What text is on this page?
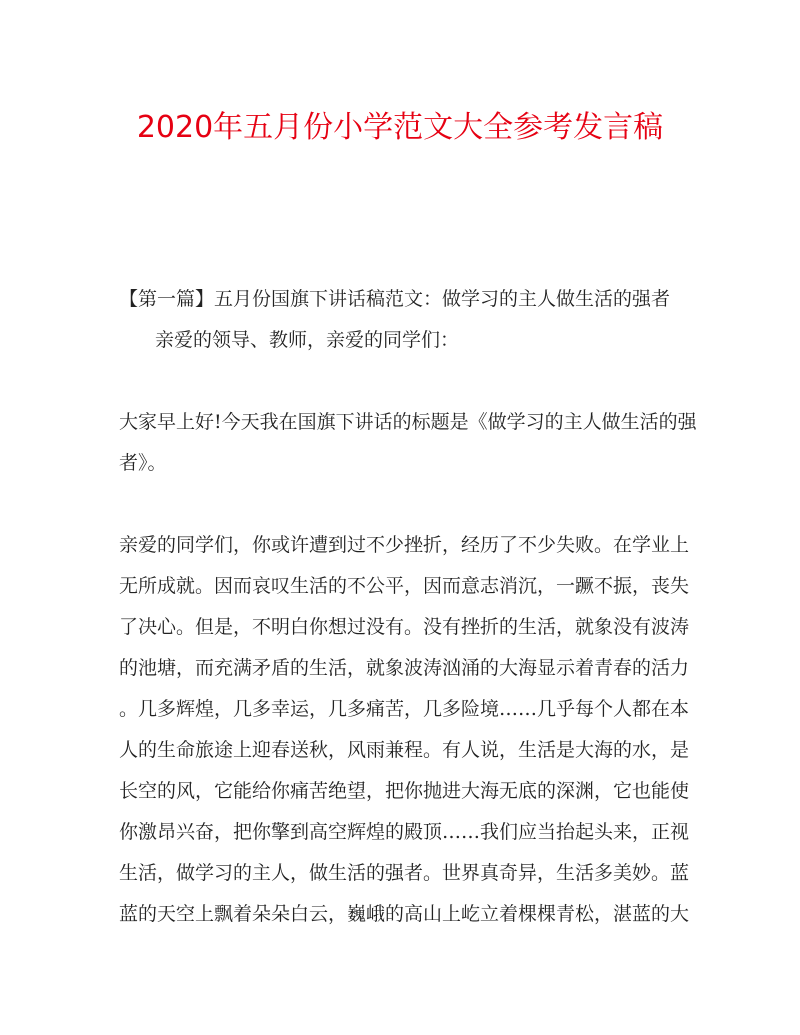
2020年五月份小学范文大全参考发言稿
【第一篇】五月份国旗下讲话稿范文：做学习的主人做生活的强者
亲爱的领导、教师，亲爱的同学们：
大家早上好!今天我在国旗下讲话的标题是《做学习的主人做生活的强
者》。
亲爱的同学们，你或许遭到过不少挫折，经历了不少失败。在学业上
无所成就。因而哀叹生活的不公平，因而意志消沉，一蹶不振，丧失
了决心。但是，不明白你想过没有。没有挫折的生活，就象没有波涛
的池塘，而充满矛盾的生活，就象波涛汹涌的大海显示着青春的活力
。几多辉煌，几多幸运，几多痛苦，几多险境……几乎每个人都在本
人的生命旅途上迎春送秋，风雨兼程。有人说，生活是大海的水，是
长空的风，它能给你痛苦绝望，把你抛进大海无底的深渊，它也能使
你激昂兴奋，把你擎到高空辉煌的殿顶……我们应当抬起头来，正视
生活，做学习的主人，做生活的强者。世界真奇异，生活多美妙。蓝
蓝的天空上飘着朵朵白云，巍峨的高山上屹立着棵棵青松，湛蓝的大
